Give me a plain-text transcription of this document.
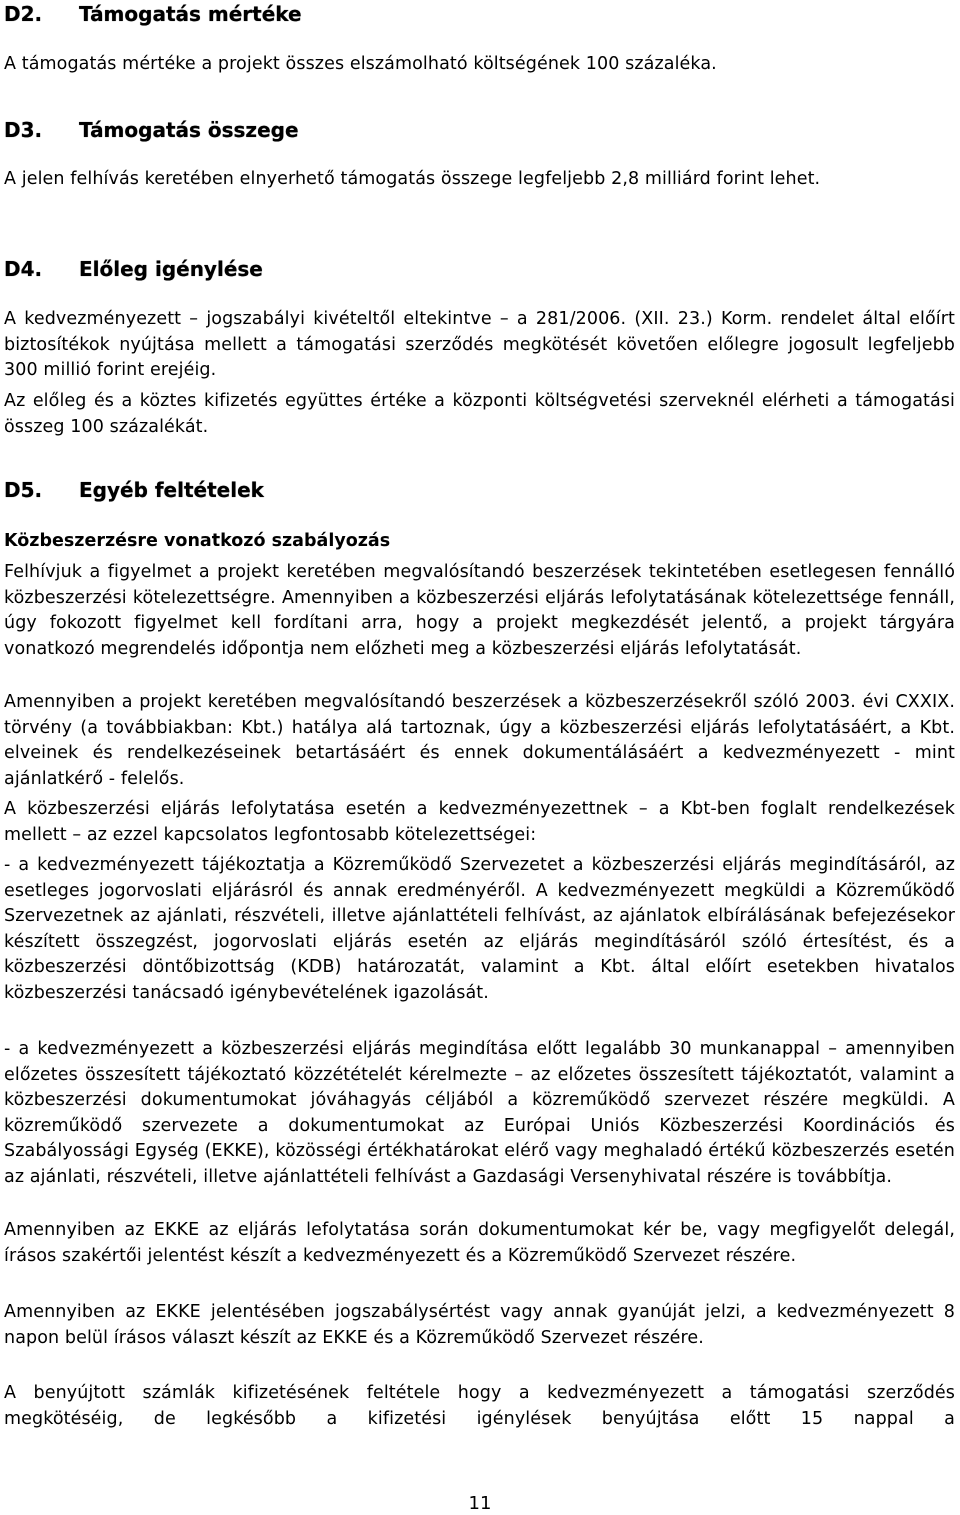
D2. Támogatás mértéke

A támogatás mértéke a projekt összes elszámolható költségének 100 százaléka.

D3. Támogatás összege

A jelen felhívás keretében elnyerhető támogatás összege legfeljebb 2,8 milliárd forint lehet.

D4. Előleg igénylése

A kedvezményezett – jogszabályi kivételtől eltekintve – a 281/2006. (XII. 23.) Korm. rendelet által előírt biztosítékok nyújtása mellett a támogatási szerződés megkötését követően előlegre jogosult legfeljebb 300 millió forint erejéig.

Az előleg és a köztes kifizetés együttes értéke a központi költségvetési szerveknél elérheti a támogatási összeg 100 százalékát.

D5. Egyéb feltételek
Közbeszerzésre vonatkozó szabályozás

Felhívjuk a figyelmet a projekt keretében megvalósítandó beszerzések tekintetében esetlegesen fennálló közbeszerzési kötelezettségre. Amennyiben a közbeszerzési eljárás lefolytatásának kötelezettsége fennáll, úgy fokozott figyelmet kell fordítani arra, hogy a projekt megkezdését jelentő, a projekt tárgyára vonatkozó megrendelés időpontja nem előzheti meg a közbeszerzési eljárás lefolytatását.

Amennyiben a projekt keretében megvalósítandó beszerzések a közbeszerzésekről szóló 2003. évi CXXIX. törvény (a továbbiakban: Kbt.) hatálya alá tartoznak, úgy a közbeszerzési eljárás lefolytatásáért, a Kbt. elveinek és rendelkezéseinek betartásáért és ennek dokumentálásáért a kedvezményezett - mint ajánlatkérő - felelős.

A közbeszerzési eljárás lefolytatása esetén a kedvezményezettnek – a Kbt-ben foglalt rendelkezések mellett – az ezzel kapcsolatos legfontosabb kötelezettségei:

- a kedvezményezett tájékoztatja a Közreműködő Szervezetet a közbeszerzési eljárás megindításáról, az esetleges jogorvoslati eljárásról és annak eredményéről. A kedvezményezett megküldi a Közreműködő Szervezetnek az ajánlati, részvételi, illetve ajánlattételi felhívást, az ajánlatok elbírálásának befejezésekor készített összegzést, jogorvoslati eljárás esetén az eljárás megindításáról szóló értesítést, és a közbeszerzési döntőbizottság (KDB) határozatát, valamint a Kbt. által előírt esetekben hivatalos közbeszerzési tanácsadó igénybevételének igazolását.

- a kedvezményezett a közbeszerzési eljárás megindítása előtt legalább 30 munkanappal – amennyiben előzetes összesített tájékoztató közzétételét kérelmezte – az előzetes összesített tájékoztatót, valamint a közbeszerzési dokumentumokat jóváhagyás céljából a közreműködő szervezet részére megküldi. A közreműködő szervezete a dokumentumokat az Európai Uniós Közbeszerzési Koordinációs és Szabályossági Egység (EKKE), közösségi értékhatárokat elérő vagy meghaladó értékű közbeszerzés esetén az ajánlati, részvételi, illetve ajánlattételi felhívást a Gazdasági Versenyhivatal részére is továbbítja.

Amennyiben az EKKE az eljárás lefolytatása során dokumentumokat kér be, vagy megfigyelőt delegál, írásos szakértői jelentést készít a kedvezményezett és a Közreműködő Szervezet részére.

Amennyiben az EKKE jelentésében jogszabálysértést vagy annak gyanúját jelzi, a kedvezményezett 8 napon belül írásos választ készít az EKKE és a Közreműködő Szervezet részére.

A benyújtott számlák kifizetésének feltétele hogy a kedvezményezett a támogatási szerződés megkötéséig, de legkésőbb a kifizetési igénylések benyújtása előtt 15 nappal a

11
